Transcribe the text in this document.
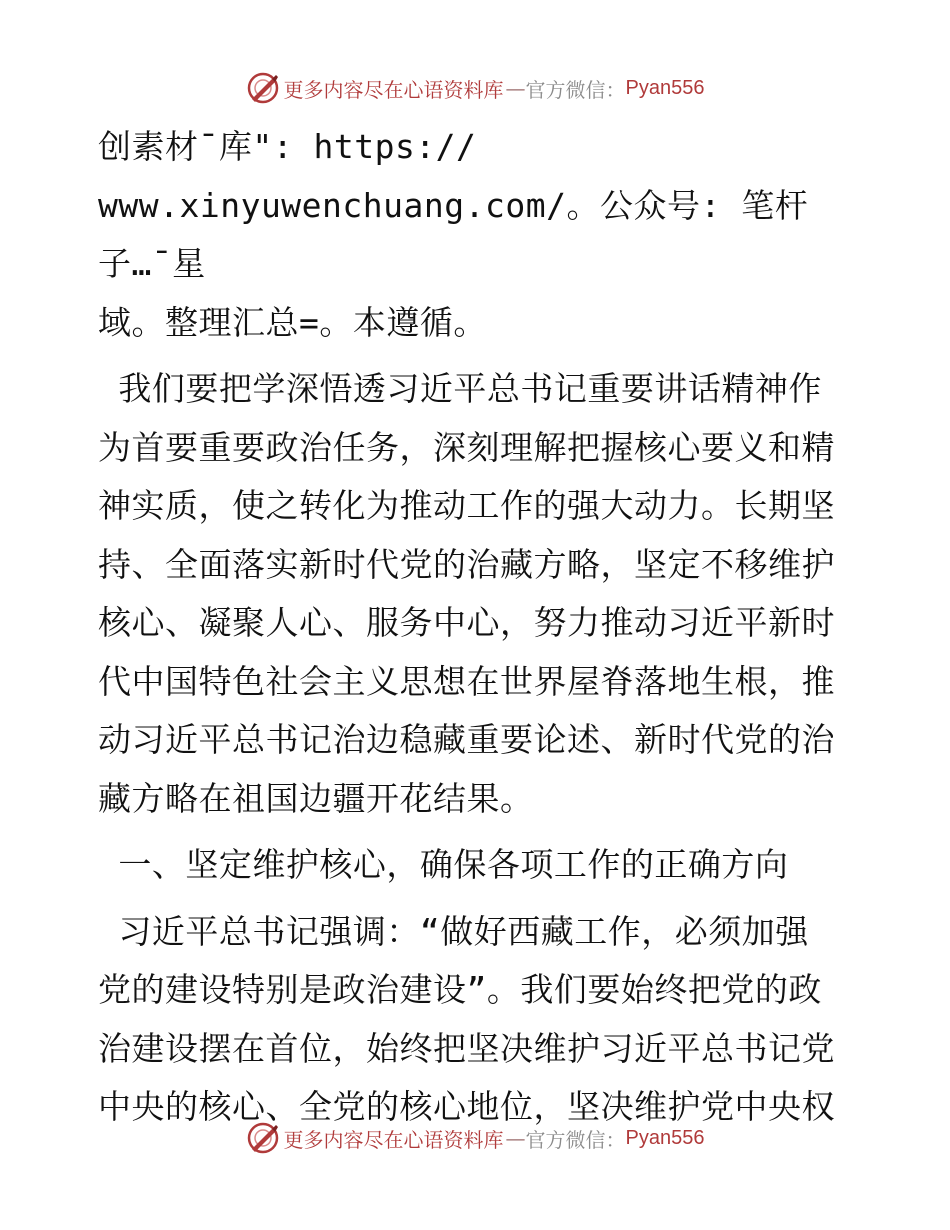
更多内容尽在心语资料库 — 官方微信： Pyan556

创素材¯库": https://

www.xinyuwenchuang.com/。公众号: 笔杆子…¯星

域。整理汇总=。本遵循。

我们要把学深悟透习近平总书记重要讲话精神作

为首要重要政治任务，深刻理解把握核心要义和精

神实质，使之转化为推动工作的强大动力。长期坚

持、全面落实新时代党的治藏方略，坚定不移维护

核心、凝聚人心、服务中心，努力推动习近平新时

代中国特色社会主义思想在世界屋脊落地生根，推

动习近平总书记治边稳藏重要论述、新时代党的治

藏方略在祖国边疆开花结果。

一、坚定维护核心，确保各项工作的正确方向

习近平总书记强调：“做好西藏工作，必须加强

党的建设特别是政治建设”。我们要始终把党的政

治建设摆在首位，始终把坚决维护习近平总书记党

中央的核心、全党的核心地位，坚决维护党中央权

更多内容尽在心语资料库 — 官方微信： Pyan556
